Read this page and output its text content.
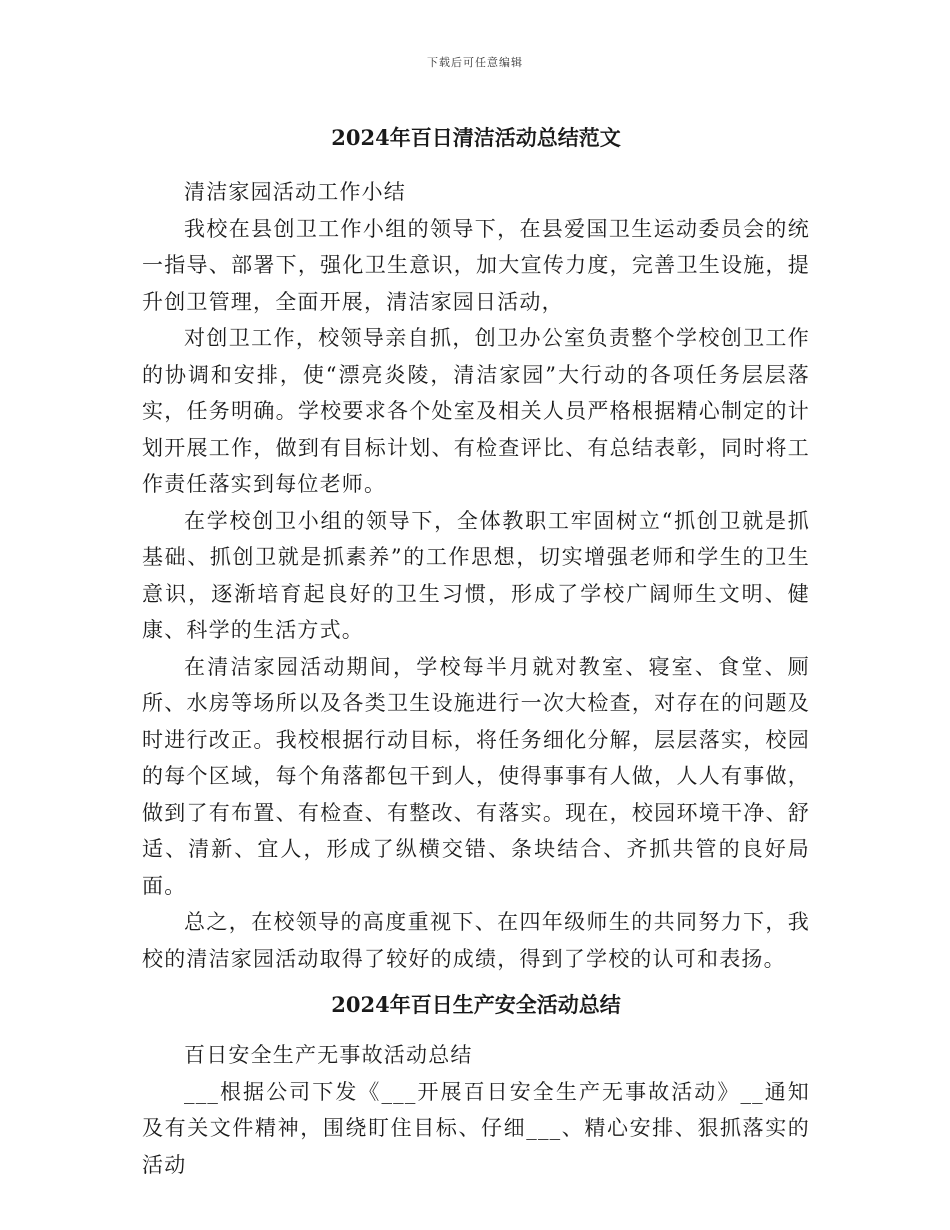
下载后可任意编辑
2024年百日清洁活动总结范文

清洁家园活动工作小结

我校在县创卫工作小组的领导下，在县爱国卫生运动委员会的统一指导、部署下，强化卫生意识，加大宣传力度，完善卫生设施，提升创卫管理，全面开展，清洁家园日活动，

对创卫工作，校领导亲自抓，创卫办公室负责整个学校创卫工作的协调和安排，使“漂亮炎陵，清洁家园”大行动的各项任务层层落实，任务明确。学校要求各个处室及相关人员严格根据精心制定的计划开展工作，做到有目标计划、有检查评比、有总结表彰，同时将工作责任落实到每位老师。

在学校创卫小组的领导下，全体教职工牢固树立“抓创卫就是抓基础、抓创卫就是抓素养”的工作思想，切实增强老师和学生的卫生意识，逐渐培育起良好的卫生习惯，形成了学校广阔师生文明、健康、科学的生活方式。

在清洁家园活动期间，学校每半月就对教室、寝室、食堂、厕所、水房等场所以及各类卫生设施进行一次大检查，对存在的问题及时进行改正。我校根据行动目标，将任务细化分解，层层落实，校园的每个区域，每个角落都包干到人，使得事事有人做，人人有事做，做到了有布置、有检查、有整改、有落实。现在，校园环境干净、舒适、清新、宜人，形成了纵横交错、条块结合、齐抓共管的良好局面。

总之，在校领导的高度重视下、在四年级师生的共同努力下，我校的清洁家园活动取得了较好的成绩，得到了学校的认可和表扬。

2024年百日生产安全活动总结

百日安全生产无事故活动总结

___根据公司下发《___开展百日安全生产无事故活动》__通知及有关文件精神，围绕盯住目标、仔细___、精心安排、狠抓落实的活动
